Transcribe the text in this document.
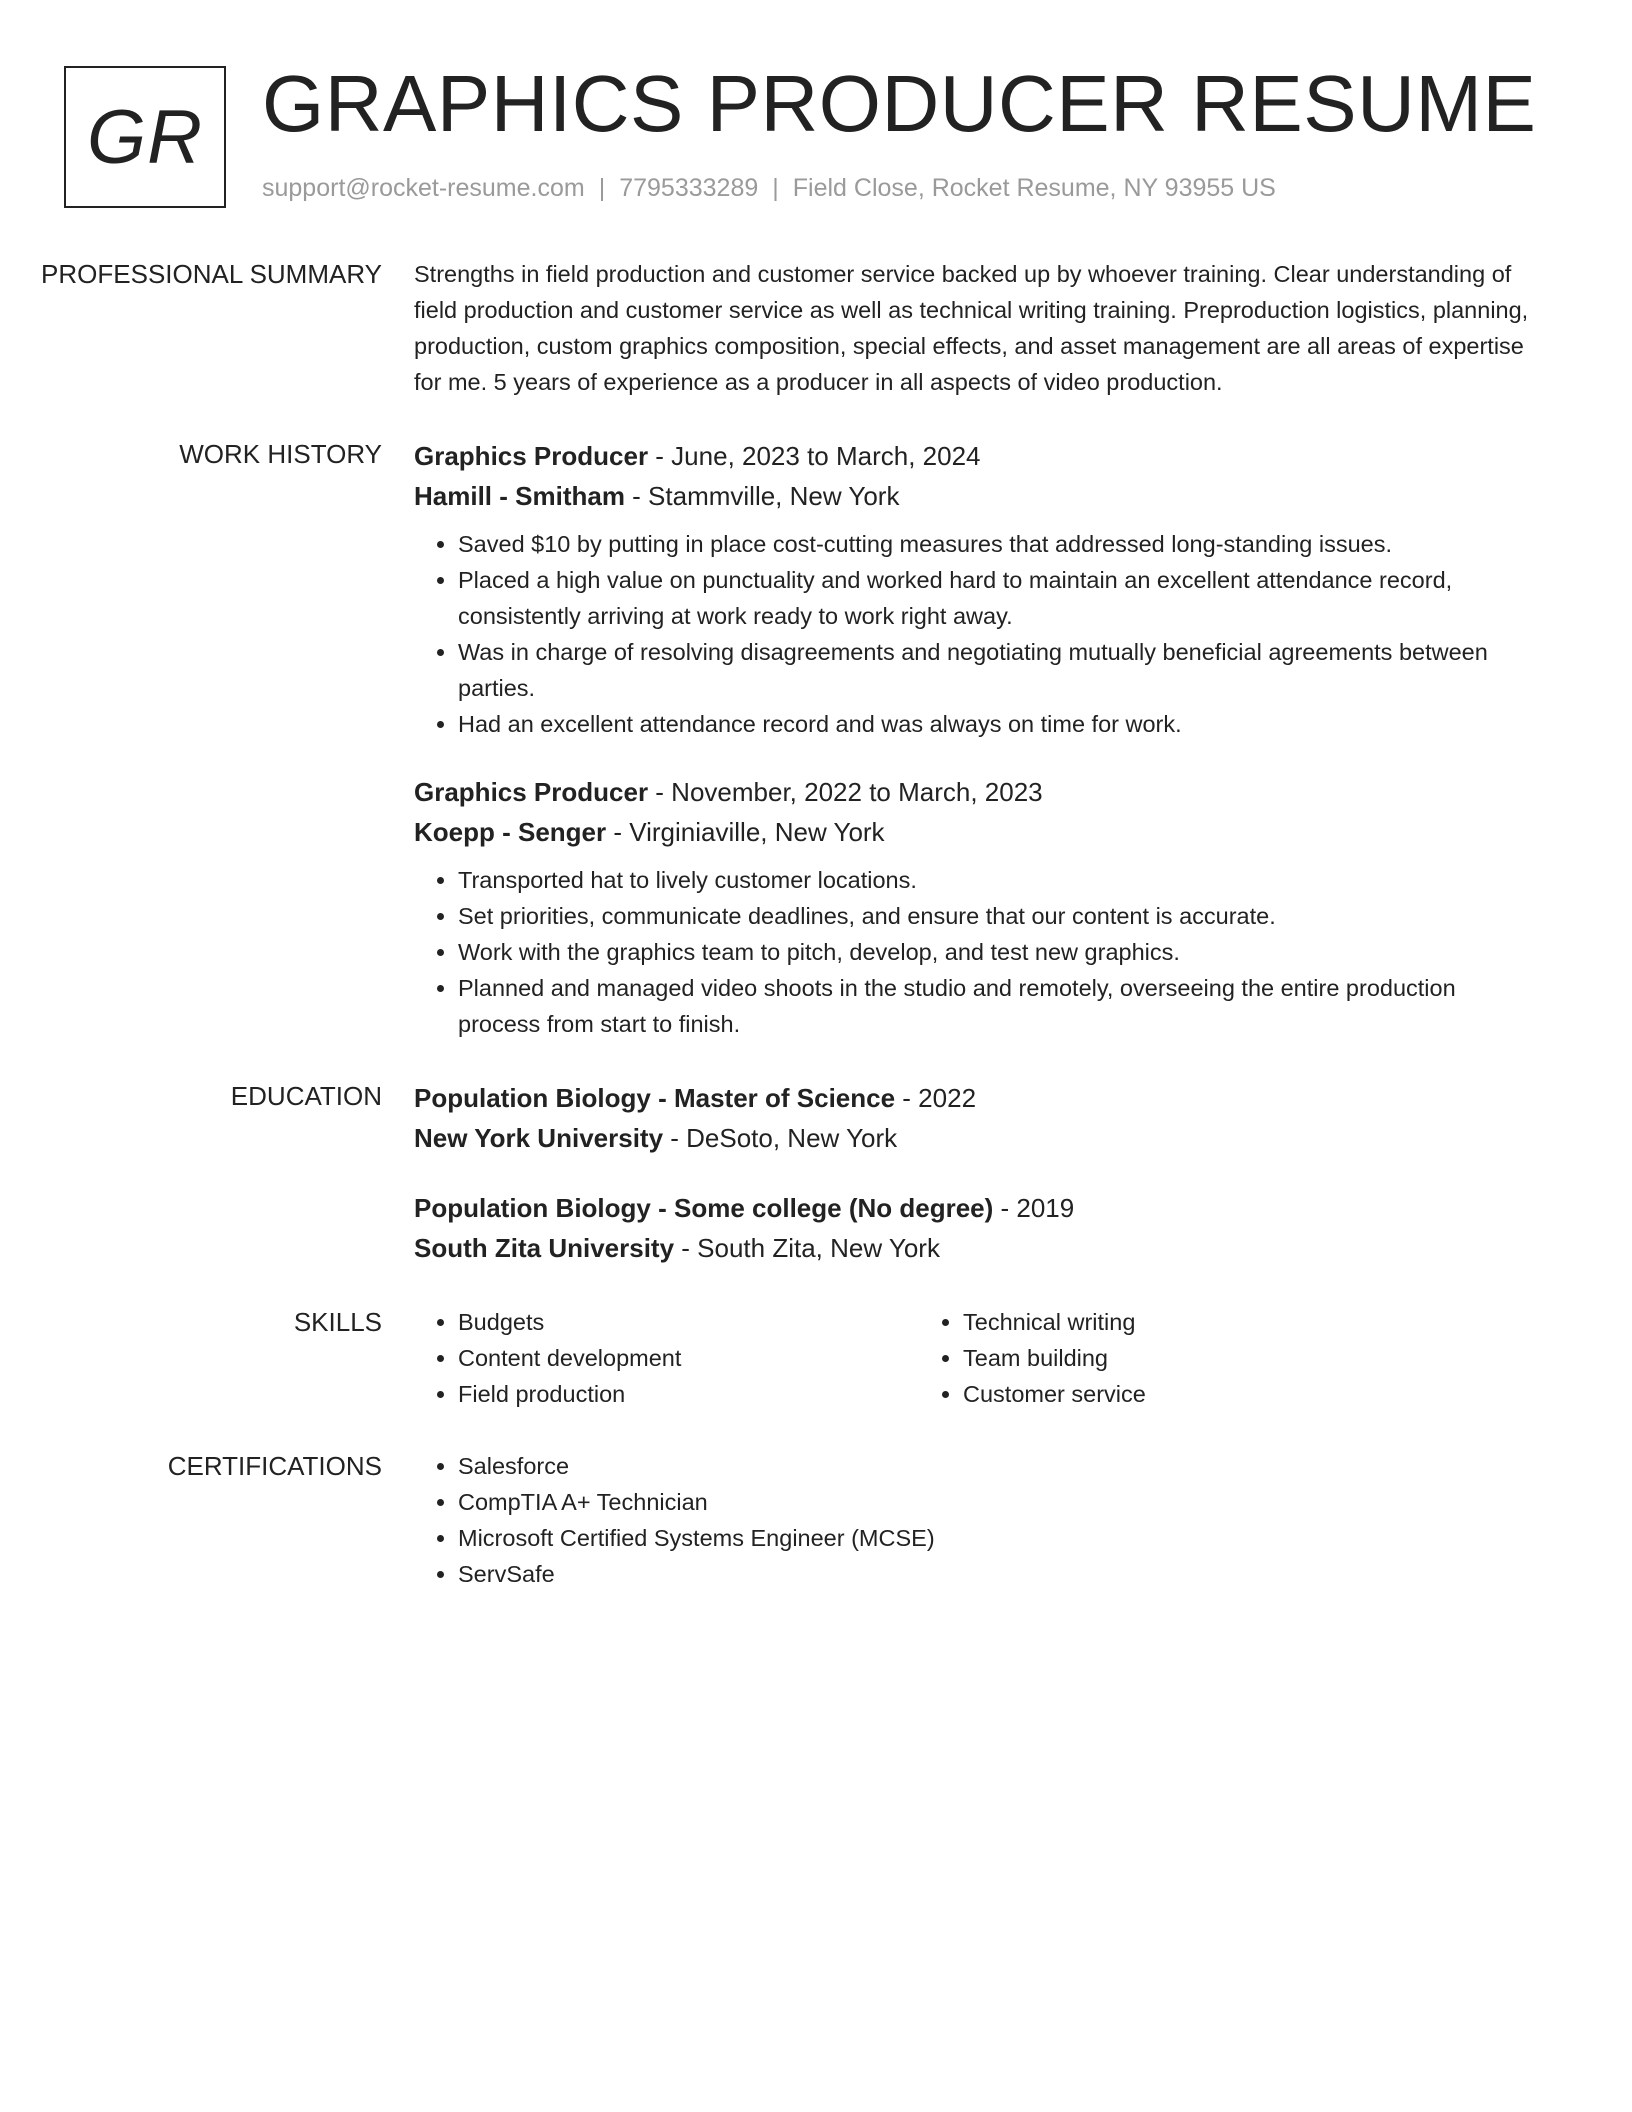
GR GRAPHICS PRODUCER RESUME
support@rocket-resume.com | 7795333289 | Field Close, Rocket Resume, NY 93955 US
PROFESSIONAL SUMMARY	Strengths in field production and customer service backed up by whoever training. Clear understanding of field production and customer service as well as technical writing training. Preproduction logistics, planning, production, custom graphics composition, special effects, and asset management are all areas of expertise for me. 5 years of experience as a producer in all aspects of video production.

WORK HISTORY	Graphics Producer - June, 2023 to March, 2024
Hamill - Smitham - Stammville, New York
• Saved $10 by putting in place cost-cutting measures that addressed long-standing issues.
• Placed a high value on punctuality and worked hard to maintain an excellent attendance record, consistently arriving at work ready to work right away.
• Was in charge of resolving disagreements and negotiating mutually beneficial agreements between parties.
• Had an excellent attendance record and was always on time for work.
Graphics Producer - November, 2022 to March, 2023
Koepp - Senger - Virginiaville, New York
• Transported hat to lively customer locations.
• Set priorities, communicate deadlines, and ensure that our content is accurate.
• Work with the graphics team to pitch, develop, and test new graphics.
• Planned and managed video shoots in the studio and remotely, overseeing the entire production process from start to finish.
EDUCATION	Population Biology - Master of Science - 2022
New York University - DeSoto, New York
Population Biology - Some college (No degree) - 2019
South Zita University - South Zita, New York
SKILLS	• Budgets
• Content development
• Field production
• Technical writing
• Team building
• Customer service
CERTIFICATIONS	• Salesforce
• CompTIA A+ Technician
• Microsoft Certified Systems Engineer (MCSE)
• ServSafe
